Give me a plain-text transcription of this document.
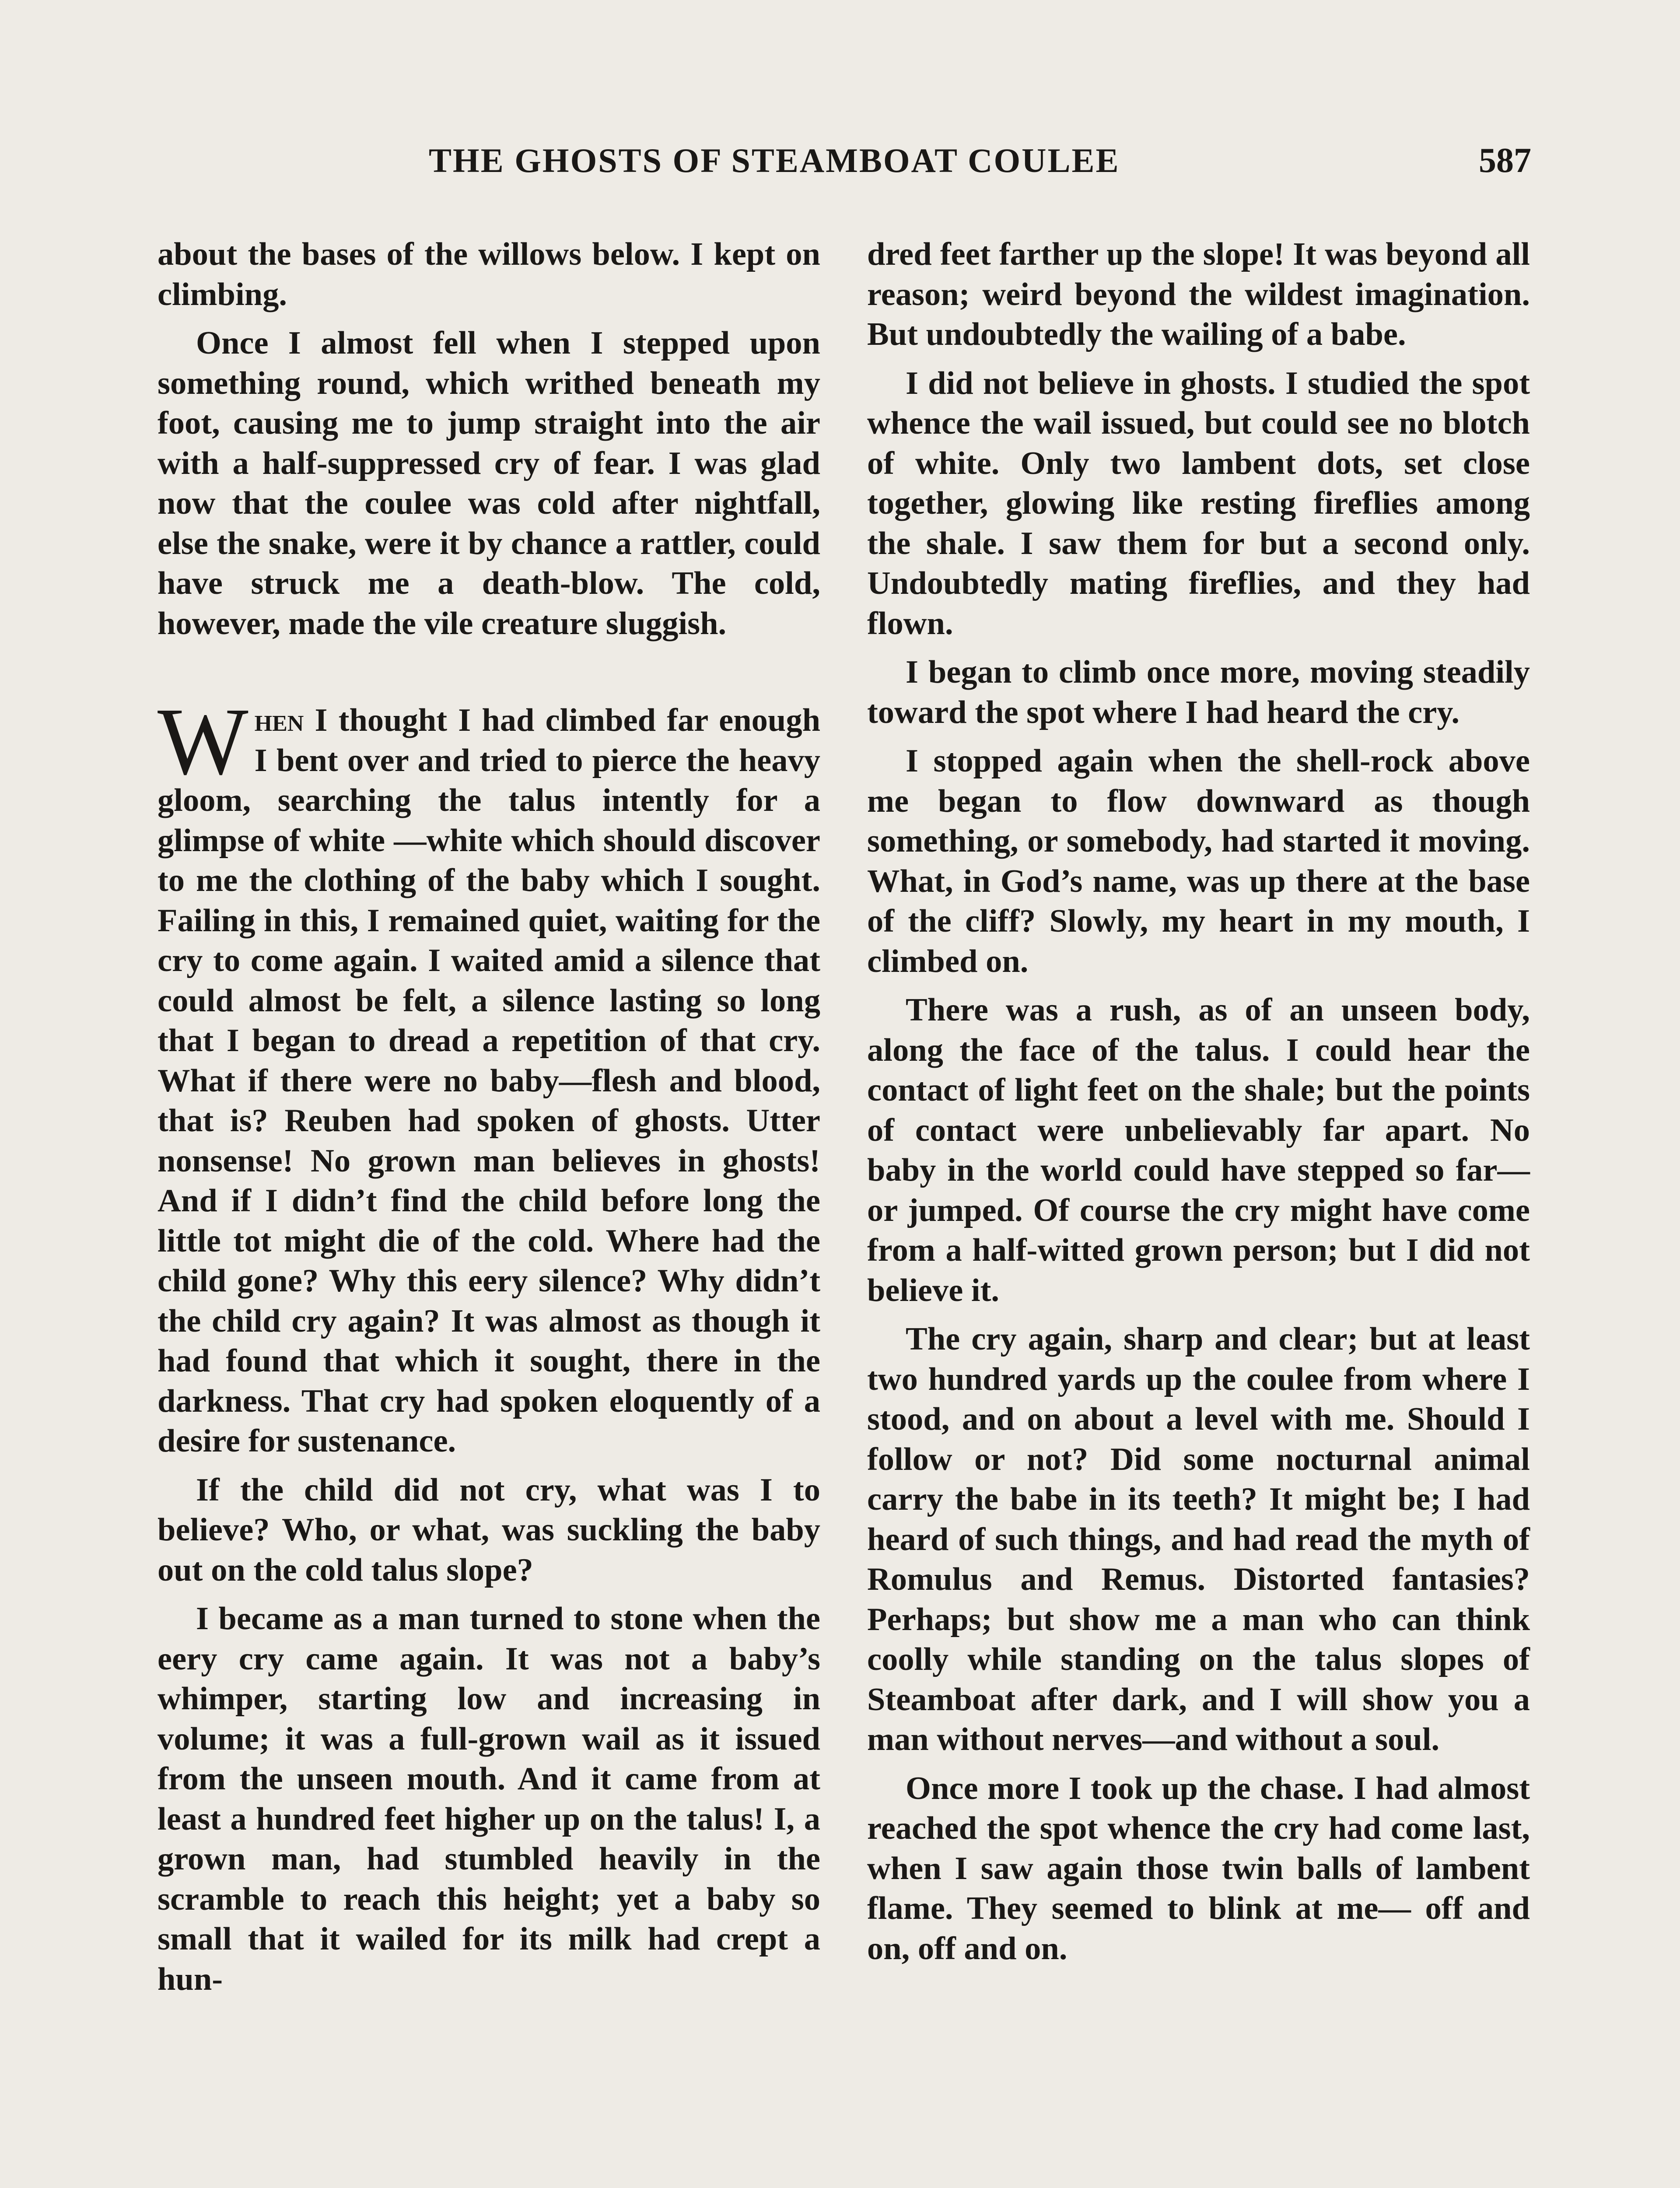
THE GHOSTS OF STEAMBOAT COULEE	587

about the bases of the willows below. I kept on climbing.

Once I almost fell when I stepped upon something round, which writhed beneath my foot, causing me to jump straight into the air with a half-suppressed cry of fear. I was glad now that the coulee was cold after nightfall, else the snake, were it by chance a rattler, could have struck me a death-blow. The cold, however, made the vile creature sluggish.

When I thought I had climbed far enough I bent over and tried to pierce the heavy gloom, searching the talus intently for a glimpse of white —white which should discover to me the clothing of the baby which I sought. Failing in this, I remained quiet, waiting for the cry to come again. I waited amid a silence that could almost be felt, a silence lasting so long that I began to dread a repetition of that cry. What if there were no baby—flesh and blood, that is? Reuben had spoken of ghosts. Utter nonsense! No grown man believes in ghosts! And if I didn’t find the child before long the little tot might die of the cold. Where had the child gone? Why this eery silence? Why didn’t the child cry again? It was almost as though it had found that which it sought, there in the darkness. That cry had spoken eloquently of a desire for sustenance.

If the child did not cry, what was I to believe? Who, or what, was suckling the baby out on the cold talus slope?

I became as a man turned to stone when the eery cry came again. It was not a baby’s whimper, starting low and increasing in volume; it was a full-grown wail as it issued from the unseen mouth. And it came from at least a hundred feet higher up on the talus! I, a grown man, had stumbled heavily in the scramble to reach this height; yet a baby so small that it wailed for its milk had crept a hun-

dred feet farther up the slope! It was beyond all reason; weird beyond the wildest imagination. But undoubtedly the wailing of a babe.

I did not believe in ghosts. I studied the spot whence the wail issued, but could see no blotch of white. Only two lambent dots, set close together, glowing like resting fireflies among the shale. I saw them for but a second only. Undoubtedly mating fireflies, and they had flown.

I began to climb once more, moving steadily toward the spot where I had heard the cry.

I stopped again when the shell-rock above me began to flow downward as though something, or somebody, had started it moving. What, in God’s name, was up there at the base of the cliff? Slowly, my heart in my mouth, I climbed on.

There was a rush, as of an unseen body, along the face of the talus. I could hear the contact of light feet on the shale; but the points of contact were unbelievably far apart. No baby in the world could have stepped so far—or jumped. Of course the cry might have come from a half-witted grown person; but I did not believe it.

The cry again, sharp and clear; but at least two hundred yards up the coulee from where I stood, and on about a level with me. Should I follow or not? Did some nocturnal animal carry the babe in its teeth? It might be; I had heard of such things, and had read the myth of Romulus and Remus. Distorted fantasies? Perhaps; but show me a man who can think coolly while standing on the talus slopes of Steamboat after dark, and I will show you a man without nerves—and without a soul.

Once more I took up the chase. I had almost reached the spot whence the cry had come last, when I saw again those twin balls of lambent flame. They seemed to blink at me— off and on, off and on.
